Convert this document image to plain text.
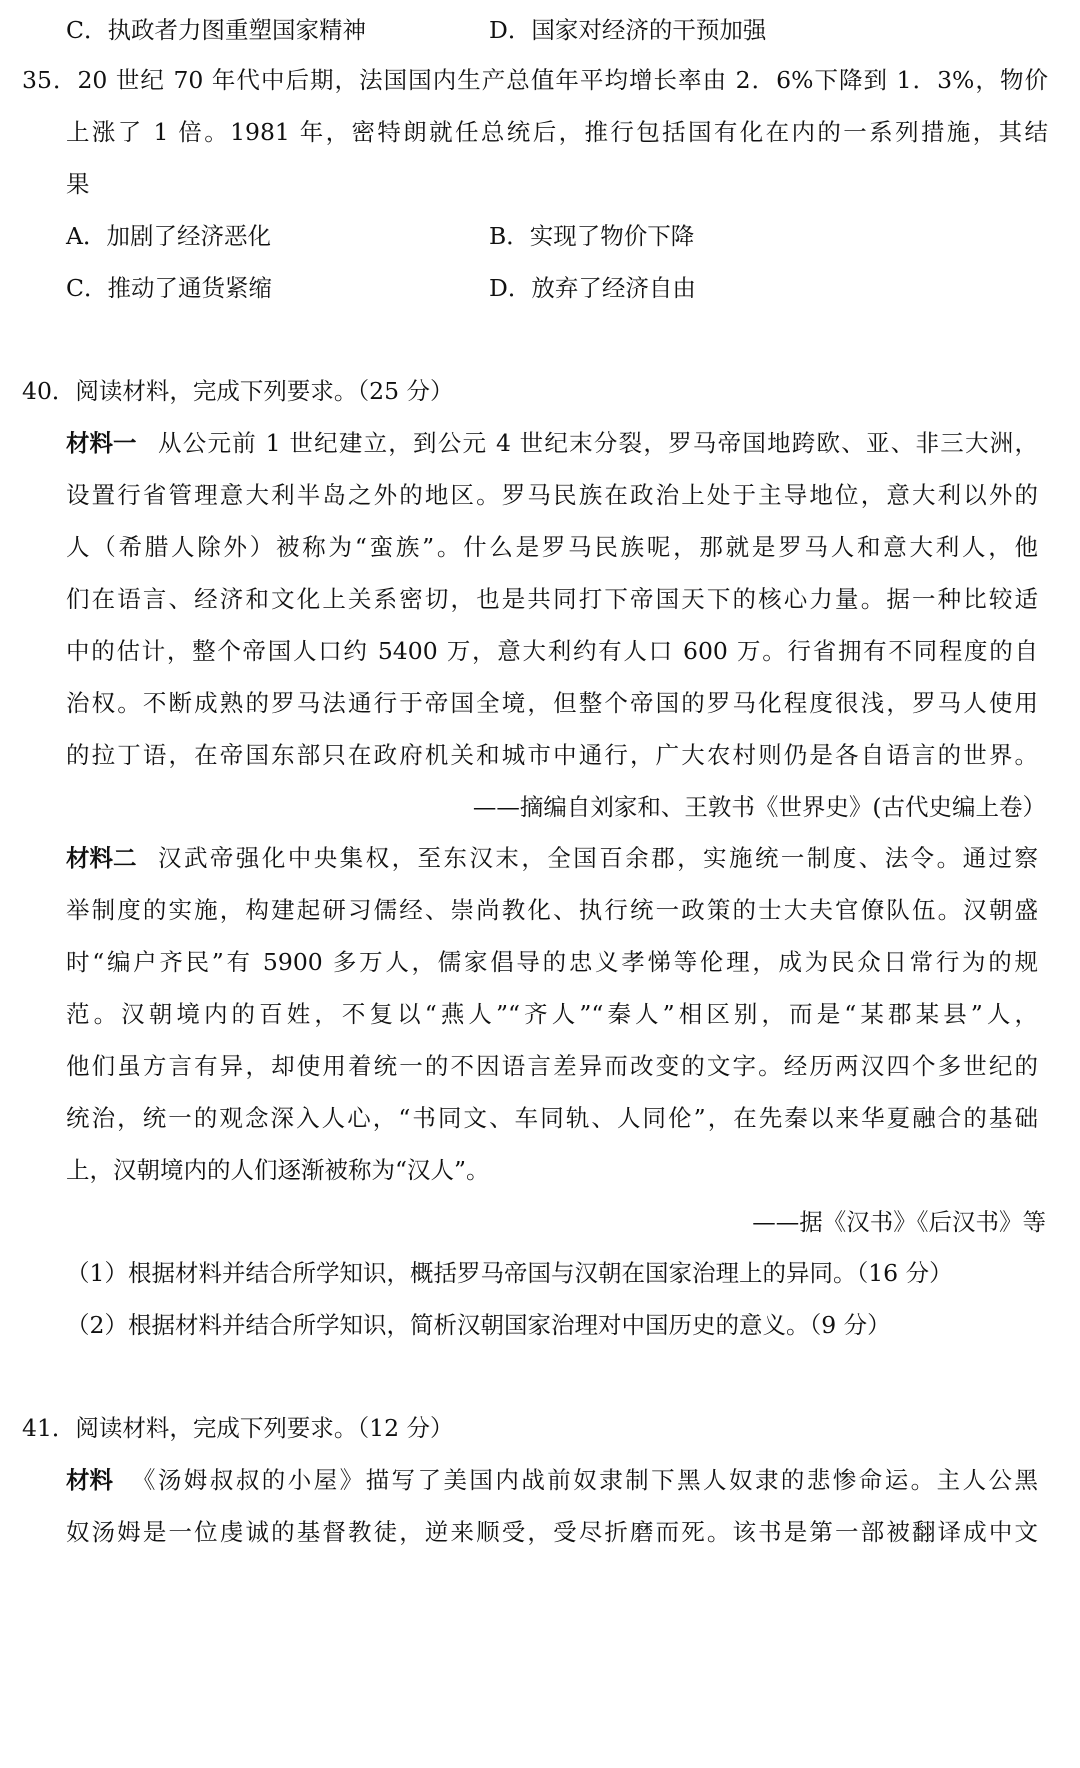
C．执政者力图重塑国家精神	D．国家对经济的干预加强
35．20 世纪 70 年代中后期，法国国内生产总值年平均增长率由 2．6%下降到 1．3%，物价
上涨了 1 倍。1981 年，密特朗就任总统后，推行包括国有化在内的一系列措施，其结
果
A．加剧了经济恶化	B．实现了物价下降
C．推动了通货紧缩	D．放弃了经济自由
40．阅读材料，完成下列要求。（25 分）
材料一 从公元前 1 世纪建立，到公元 4 世纪末分裂，罗马帝国地跨欧、亚、非三大洲，
设置行省管理意大利半岛之外的地区。罗马民族在政治上处于主导地位，意大利以外的
人（希腊人除外）被称为“蛮族”。什么是罗马民族呢，那就是罗马人和意大利人，他
们在语言、经济和文化上关系密切，也是共同打下帝国天下的核心力量。据一种比较适
中的估计，整个帝国人口约 5400 万，意大利约有人口 600 万。行省拥有不同程度的自
治权。不断成熟的罗马法通行于帝国全境，但整个帝国的罗马化程度很浅，罗马人使用
的拉丁语，在帝国东部只在政府机关和城市中通行，广大农村则仍是各自语言的世界。
——摘编自刘家和、王敦书《世界史》(古代史编上卷）
材料二 汉武帝强化中央集权，至东汉末，全国百余郡，实施统一制度、法令。通过察
举制度的实施，构建起研习儒经、崇尚教化、执行统一政策的士大夫官僚队伍。汉朝盛
时“编户齐民”有 5900 多万人，儒家倡导的忠义孝悌等伦理，成为民众日常行为的规
范。汉朝境内的百姓，不复以“燕人”“齐人”“秦人”相区别，而是“某郡某县”人，
他们虽方言有异，却使用着统一的不因语言差异而改变的文字。经历两汉四个多世纪的
统治，统一的观念深入人心，“书同文、车同轨、人同伦”，在先秦以来华夏融合的基础
上，汉朝境内的人们逐渐被称为“汉人”。
——据《汉书》《后汉书》等
（1）根据材料并结合所学知识，概括罗马帝国与汉朝在国家治理上的异同。（16 分）
（2）根据材料并结合所学知识，简析汉朝国家治理对中国历史的意义。（9 分）
41．阅读材料，完成下列要求。（12 分）
材料 《汤姆叔叔的小屋》描写了美国内战前奴隶制下黑人奴隶的悲惨命运。主人公黑
奴汤姆是一位虔诚的基督教徒，逆来顺受，受尽折磨而死。该书是第一部被翻译成中文
